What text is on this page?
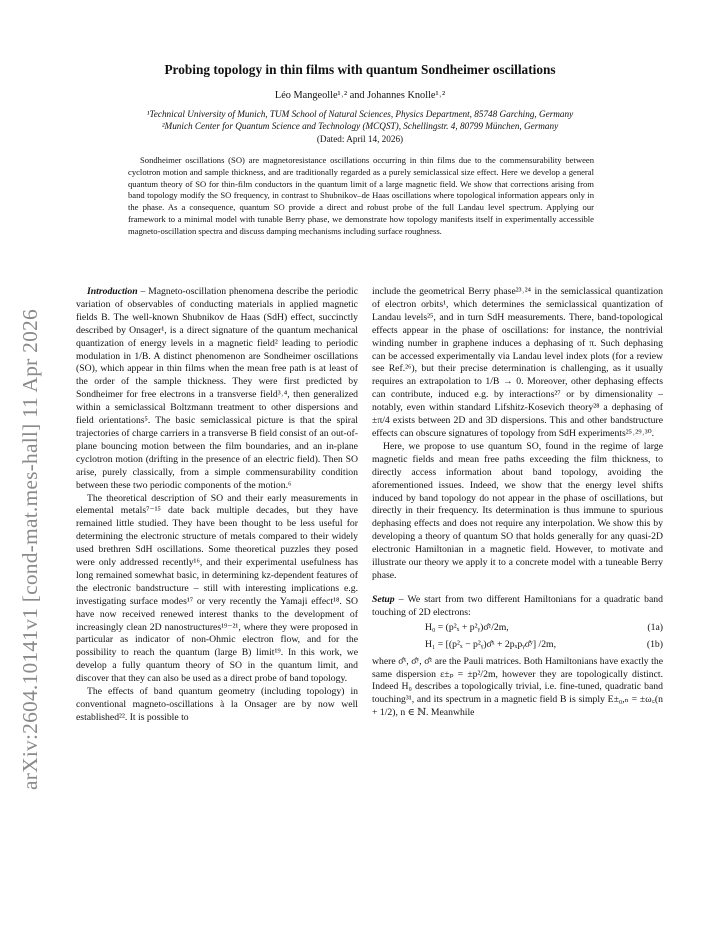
arXiv:2604.10141v1 [cond-mat.mes-hall] 11 Apr 2026
Probing topology in thin films with quantum Sondheimer oscillations
Léo Mangeolle¹˒² and Johannes Knolle¹˒²
¹Technical University of Munich, TUM School of Natural Sciences, Physics Department, 85748 Garching, Germany
²Munich Center for Quantum Science and Technology (MCQST), Schellingstr. 4, 80799 München, Germany
(Dated: April 14, 2026)
Sondheimer oscillations (SO) are magnetoresistance oscillations occurring in thin films due to the commensurability between cyclotron motion and sample thickness, and are traditionally regarded as a purely semiclassical size effect. Here we develop a general quantum theory of SO for thin-film conductors in the quantum limit of a large magnetic field. We show that corrections arising from band topology modify the SO frequency, in contrast to Shubnikov–de Haas oscillations where topological information appears only in the phase. As a consequence, quantum SO provide a direct and robust probe of the full Landau level spectrum. Applying our framework to a minimal model with tunable Berry phase, we demonstrate how topology manifests itself in experimentally accessible magneto-oscillation spectra and discuss damping mechanisms including surface roughness.

Introduction – Magneto-oscillation phenomena describe the periodic variation of observables of conducting materials in applied magnetic fields B. The well-known Shubnikov de Haas (SdH) effect, succinctly described by Onsager¹, is a direct signature of the quantum mechanical quantization of energy levels in a magnetic field² leading to periodic modulation in 1/B. A distinct phenomenon are Sondheimer oscillations (SO), which appear in thin films when the mean free path is at least of the order of the sample thickness. They were first predicted by Sondheimer for free electrons in a transverse field³˒⁴, then generalized within a semiclassical Boltzmann treatment to other dispersions and field orientations⁵. The basic semiclassical picture is that the spiral trajectories of charge carriers in a transverse B field consist of an out-of-plane bouncing motion between the film boundaries, and an in-plane cyclotron motion (drifting in the presence of an electric field). Then SO arise, purely classically, from a simple commensurability condition between these two periodic components of the motion.⁶

The theoretical description of SO and their early measurements in elemental metals⁷⁻¹⁵ date back multiple decades, but they have remained little studied. They have been thought to be less useful for determining the electronic structure of metals compared to their widely used brethren SdH oscillations. Some theoretical puzzles they posed were only addressed recently¹⁶, and their experimental usefulness has long remained somewhat basic, in determining kz-dependent features of the electronic bandstructure – still with interesting implications e.g. investigating surface modes¹⁷ or very recently the Yamaji effect¹⁸. SO have now received renewed interest thanks to the development of increasingly clean 2D nanostructures¹⁹⁻²¹, where they were proposed in particular as indicator of non-Ohmic electron flow, and for the possibility to reach the quantum (large B) limit¹⁹. In this work, we develop a fully quantum theory of SO in the quantum limit, and discover that they can also be used as a direct probe of band topology.

The effects of band quantum geometry (including topology) in conventional magneto-oscillations à la Onsager are by now well established²². It is possible to

include the geometrical Berry phase²³˒²⁴ in the semiclassical quantization of electron orbits¹, which determines the semiclassical quantization of Landau levels²⁵, and in turn SdH measurements. There, band-topological effects appear in the phase of oscillations: for instance, the nontrivial winding number in graphene induces a dephasing of π. Such dephasing can be accessed experimentally via Landau level index plots (for a review see Ref.²⁶), but their precise determination is challenging, as it usually requires an extrapolation to 1/B → 0. Moreover, other dephasing effects can contribute, induced e.g. by interactions²⁷ or by dimensionality – notably, even within standard Lifshitz-Kosevich theory²⁸ a dephasing of ±π/4 exists between 2D and 3D dispersions. This and other bandstructure effects can obscure signatures of topology from SdH experiments²⁵˒²⁹˒³⁰.

Here, we propose to use quantum SO, found in the regime of large magnetic fields and mean free paths exceeding the film thickness, to directly access information about band topology, avoiding the aforementioned issues. Indeed, we show that the energy level shifts induced by band topology do not appear in the phase of oscillations, but directly in their frequency. Its determination is thus immune to spurious dephasing effects and does not require any interpolation. We show this by developing a theory of quantum SO that holds generally for any quasi-2D electronic Hamiltonian in a magnetic field. However, to motivate and illustrate our theory we apply it to a concrete model with a tuneable Berry phase.

Setup – We start from two different Hamiltonians for a quadratic band touching of 2D electrons:

H₀ = (p²ₓ + p²ᵧ)σ̂ᶻ/2m,	(1a)
H₁ = [(p²ₓ − p²ᵧ)σ̂ˣ + 2pₓpᵧσ̂ʸ] /2m,	(1b)

where σ̂ˣ, σ̂ʸ, σ̂ᶻ are the Pauli matrices. Both Hamiltonians have exactly the same dispersion ε±ₚ = ±p²/2m, however they are topologically distinct. Indeed H₀ describes a topologically trivial, i.e. fine-tuned, quadratic band touching³¹, and its spectrum in a magnetic field B is simply E±₀,ₙ = ±ω꜀(n + 1/2), n ∈ ℕ. Meanwhile
